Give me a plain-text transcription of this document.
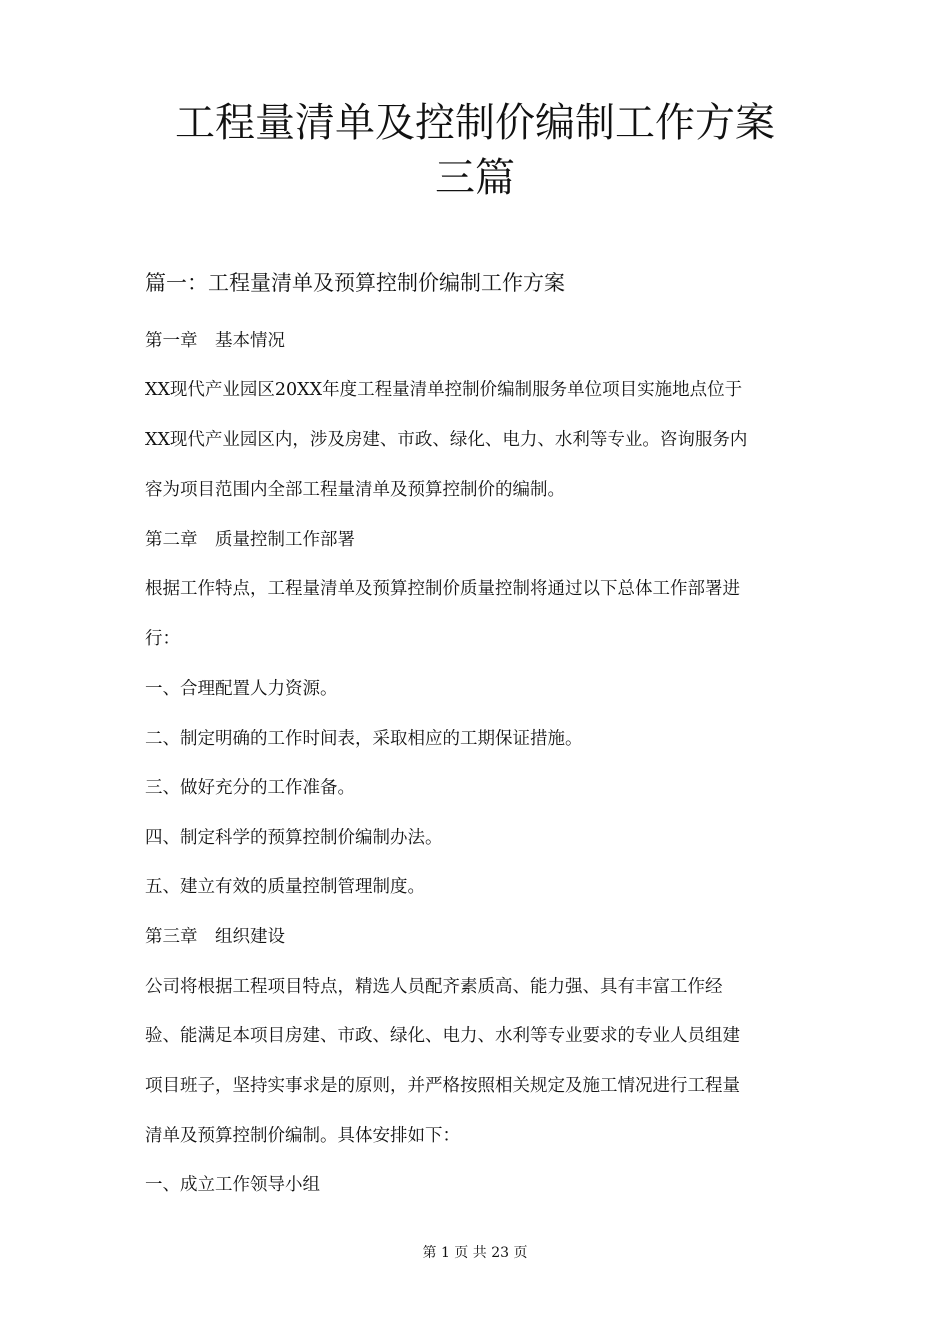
工程量清单及控制价编制工作方案
三篇
篇一：工程量清单及预算控制价编制工作方案

第一章　基本情况

XX现代产业园区20XX年度工程量清单控制价编制服务单位项目实施地点位于

XX现代产业园区内，涉及房建、市政、绿化、电力、水利等专业。咨询服务内

容为项目范围内全部工程量清单及预算控制价的编制。

第二章　质量控制工作部署

根据工作特点，工程量清单及预算控制价质量控制将通过以下总体工作部署进

行：

一、合理配置人力资源。

二、制定明确的工作时间表，采取相应的工期保证措施。

三、做好充分的工作准备。

四、制定科学的预算控制价编制办法。

五、建立有效的质量控制管理制度。

第三章　组织建设

公司将根据工程项目特点，精选人员配齐素质高、能力强、具有丰富工作经

验、能满足本项目房建、市政、绿化、电力、水利等专业要求的专业人员组建

项目班子，坚持实事求是的原则，并严格按照相关规定及施工情况进行工程量

清单及预算控制价编制。具体安排如下：

一、成立工作领导小组

第 1 页 共 23 页
